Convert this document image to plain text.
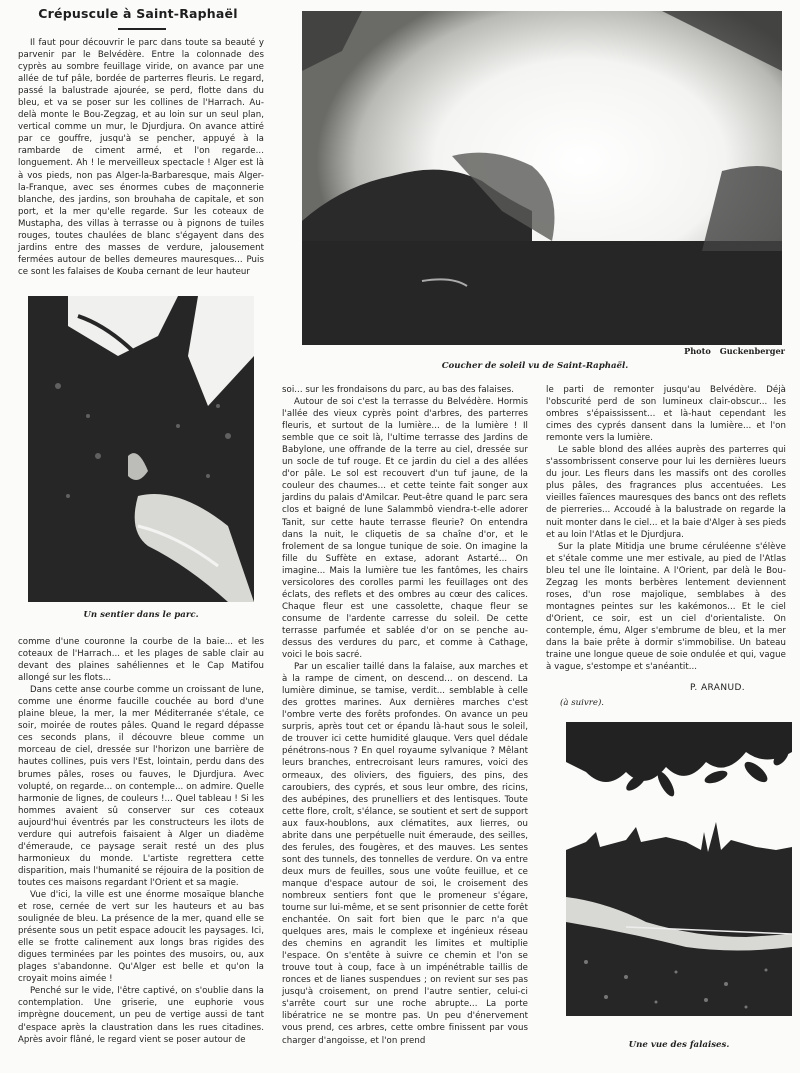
Crépuscule à Saint-Raphaël

Il faut pour découvrir le parc dans toute sa beauté y parvenir par le Belvédère. Entre la colonnade des cyprès au sombre feuillage viride, on avance par une allée de tuf pâle, bordée de parterres fleuris. Le regard, passé la balustrade ajourée, se perd, flotte dans du bleu, et va se poser sur les collines de l'Harrach. Au-delà monte le Bou-Zegzag, et au loin sur un seul plan, vertical comme un mur, le Djurdjura. On avance attiré par ce gouffre, jusqu'à se pencher, appuyé à la rambarde de ciment armé, et l'on regarde... longuement. Ah ! le merveilleux spectacle ! Alger est là à vos pieds, non pas Alger-la-Barbaresque, mais Alger-la-Franque, avec ses énormes cubes de maçonnerie blanche, des jardins, son brouhaha de capitale, et son port, et la mer qu'elle regarde. Sur les coteaux de Mustapha, des villas à terrasse ou à pignons de tuiles rouges, toutes chaulées de blanc s'égayent dans des jardins entre des masses de verdure, jalousement fermées autour de belles demeures mauresques... Puis ce sont les falaises de Kouba cernant de leur hauteur

Un sentier dans le parc.

comme d'une couronne la courbe de la baie... et les coteaux de l'Harrach... et les plages de sable clair au devant des plaines sahéliennes et le Cap Matifou allongé sur les flots...

Dans cette anse courbe comme un croissant de lune, comme une énorme faucille couchée au bord d'une plaine bleue, la mer, la mer Méditerranée s'étale, ce soir, moirée de routes pâles. Quand le regard dépasse ces seconds plans, il découvre bleue comme un morceau de ciel, dressée sur l'horizon une barrière de hautes collines, puis vers l'Est, lointain, perdu dans des brumes pâles, roses ou fauves, le Djurdjura. Avec volupté, on regarde... on contemple... on admire. Quelle harmonie de lignes, de couleurs !... Quel tableau ! Si les hommes avaient sû conserver sur ces coteaux aujourd'hui éventrés par les constructeurs les ilots de verdure qui autrefois faisaient à Alger un diadème d'émeraude, ce paysage serait resté un des plus harmonieux du monde. L'artiste regrettera cette disparition, mais l'humanité se réjouira de la position de toutes ces maisons regardant l'Orient et sa magie.

Vue d'ici, la ville est une énorme mosaïque blanche et rose, cernée de vert sur les hauteurs et au bas soulignée de bleu. La présence de la mer, quand elle se présente sous un petit espace adoucit les paysages. Ici, elle se frotte calinement aux longs bras rigides des digues terminées par les pointes des musoirs, ou, aux plages s'abandonne. Qu'Alger est belle et qu'on la croyait moins aimée !

Penché sur le vide, l'être captivé, on s'oublie dans la contemplation. Une griserie, une euphorie vous imprègne doucement, un peu de vertige aussi de tant d'espace après la claustration dans les rues citadines. Après avoir flâné, le regard vient se poser autour de

Photo Guckenberger
Coucher de soleil vu de Saint-Raphaël.

soi... sur les frondaisons du parc, au bas des falaises.

Autour de soi c'est la terrasse du Belvédère. Hormis l'allée des vieux cyprès point d'arbres, des parterres fleuris, et surtout de la lumière... de la lumière ! Il semble que ce soit là, l'ultime terrasse des Jardins de Babylone, une offrande de la terre au ciel, dressée sur un socle de tuf rouge. Et ce jardin du ciel a des allées d'or pâle. Le sol est recouvert d'un tuf jaune, de la couleur des chaumes... et cette teinte fait songer aux jardins du palais d'Amilcar. Peut-être quand le parc sera clos et baigné de lune Salammbô viendra-t-elle adorer Tanit, sur cette haute terrasse fleurie? On entendra dans la nuit, le cliquetis de sa chaîne d'or, et le frolement de sa longue tunique de soie. On imagine la fille du Suffète en extase, adorant Astarté... On imagine... Mais la lumière tue les fantômes, les chairs versicolores des corolles parmi les feuillages ont des éclats, des reflets et des ombres au cœur des calices. Chaque fleur est une cassolette, chaque fleur se consume de l'ardente carresse du soleil. De cette terrasse parfumée et sablée d'or on se penche au-dessus des verdures du parc, et comme à Cathage, voici le bois sacré.

Par un escalier taillé dans la falaise, aux marches et à la rampe de ciment, on descend... on descend. La lumière diminue, se tamise, verdit... semblable à celle des grottes marines. Aux dernières marches c'est l'ombre verte des forêts profondes. On avance un peu surpris, après tout cet or épandu là-haut sous le soleil, de trouver ici cette humidité glauque. Vers quel dédale pénétrons-nous ? En quel royaume sylvanique ? Mêlant leurs branches, entrecroisant leurs ramures, voici des ormeaux, des oliviers, des figuiers, des pins, des caroubiers, des cyprés, et sous leur ombre, des ricins, des aubépines, des prunelliers et des lentisques. Toute cette flore, croît, s'élance, se soutient et sert de support aux faux-houblons, aux clématites, aux lierres, ou abrite dans une perpétuelle nuit émeraude, des seilles, des ferules, des fougères, et des mauves. Les sentes sont des tunnels, des tonnelles de verdure. On va entre deux murs de feuilles, sous une voûte feuillue, et ce manque d'espace autour de soi, le croisement des nombreux sentiers font que le promeneur s'égare, tourne sur lui-même, et se sent prisonnier de cette forêt enchantée. On sait fort bien que le parc n'a que quelques ares, mais le complexe et ingénieux réseau des chemins en agrandit les limites et multiplie l'espace. On s'entête à suivre ce chemin et l'on se trouve tout à coup, face à un impénétrable taillis de ronces et de lianes suspendues ; on revient sur ses pas jusqu'à croisement, on prend l'autre sentier, celui-ci s'arrête court sur une roche abrupte... La porte libératrice ne se montre pas. Un peu d'énervement vous prend, ces arbres, cette ombre finissent par vous charger d'angoisse, et l'on prend

le parti de remonter jusqu'au Belvédère. Déjà l'obscurité perd de son lumineux clair-obscur... les ombres s'épaississent... et là-haut cependant les cimes des cyprés dansent dans la lumière... et l'on remonte vers la lumière.

Le sable blond des allées auprès des parterres qui s'assombrissent conserve pour lui les dernières lueurs du jour. Les fleurs dans les massifs ont des corolles plus pâles, des fragrances plus accentuées. Les vieilles faïences mauresques des bancs ont des reflets de pierreries... Accoudé à la balustrade on regarde la nuit monter dans le ciel... et la baie d'Alger à ses pieds et au loin l'Atlas et le Djurdjura.

Sur la plate Mitidja une brume céruléenne s'élève et s'étale comme une mer estivale, au pied de l'Atlas bleu tel une île lointaine. A l'Orient, par delà le Bou-Zegzag les monts berbères lentement deviennent roses, d'un rose majolique, semblabes à des montagnes peintes sur les kakémonos... Et le ciel d'Orient, ce soir, est un ciel d'orientaliste. On contemple, ému, Alger s'embrume de bleu, et la mer dans la baie prête à dormir s'immobilise. Un bateau traine une longue queue de soie ondulée et qui, vague à vague, s'estompe et s'anéantit...

P. ARANUD.
(à suivre).
Une vue des falaises.
